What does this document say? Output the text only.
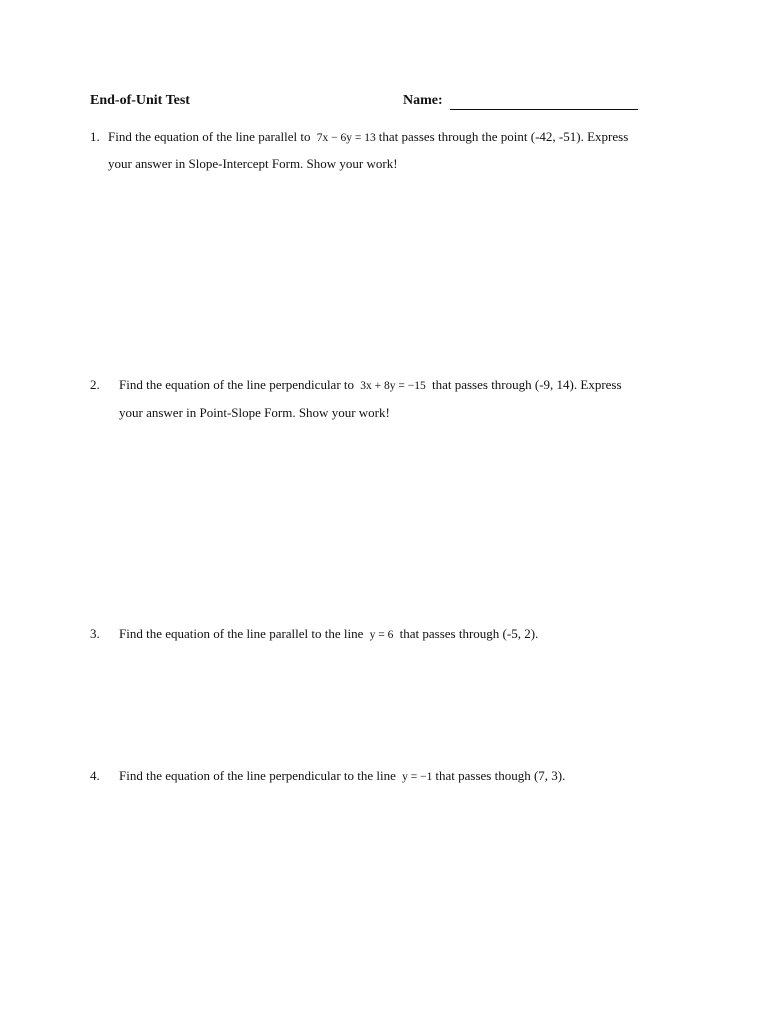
End-of-Unit Test	Name:
1. Find the equation of the line parallel to 7x − 6y = 13 that passes through the point (-42, -51). Express
your answer in Slope-Intercept Form. Show your work!
2. Find the equation of the line perpendicular to 3x + 8y = −15 that passes through (-9, 14). Express
your answer in Point-Slope Form. Show your work!
3. Find the equation of the line parallel to the line y = 6 that passes through (-5, 2).
4. Find the equation of the line perpendicular to the line y = −1 that passes though (7, 3).
